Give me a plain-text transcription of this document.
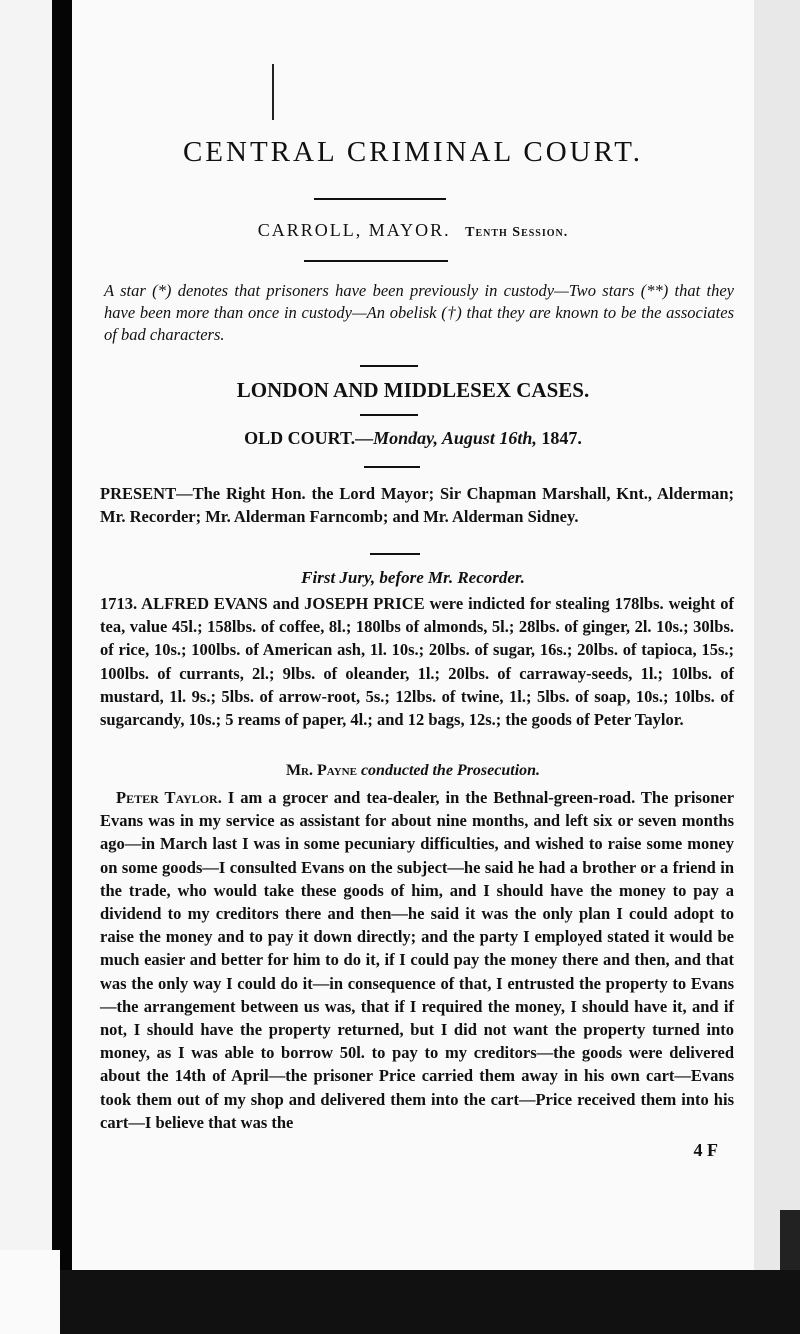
CENTRAL CRIMINAL COURT.
CARROLL, MAYOR. Tenth Session.
A star (*) denotes that prisoners have been previously in custody—Two stars (**) that they have been more than once in custody—An obelisk (†) that they are known to be the associates of bad characters.
LONDON AND MIDDLESEX CASES.
OLD COURT.—Monday, August 16th, 1847.
PRESENT—The Right Hon. the Lord Mayor; Sir Chapman Marshall, Knt., Alderman; Mr. Recorder; Mr. Alderman Farncomb; and Mr. Alderman Sidney.
First Jury, before Mr. Recorder.
1713. ALFRED EVANS and JOSEPH PRICE were indicted for stealing 178lbs. weight of tea, value 45l.; 158lbs. of coffee, 8l.; 180lbs of almonds, 5l.; 28lbs. of ginger, 2l. 10s.; 30lbs. of rice, 10s.; 100lbs. of American ash, 1l. 10s.; 20lbs. of sugar, 16s.; 20lbs. of tapioca, 15s.; 100lbs. of currants, 2l.; 9lbs. of oleander, 1l.; 20lbs. of carraway-seeds, 1l.; 10lbs. of mustard, 1l. 9s.; 5lbs. of arrow-root, 5s.; 12lbs. of twine, 1l.; 5lbs. of soap, 10s.; 10lbs. of sugarcandy, 10s.; 5 reams of paper, 4l.; and 12 bags, 12s.; the goods of Peter Taylor.
Mr. Payne conducted the Prosecution.
Peter Taylor. I am a grocer and tea-dealer, in the Bethnal-green-road. The prisoner Evans was in my service as assistant for about nine months, and left six or seven months ago—in March last I was in some pecuniary difficulties, and wished to raise some money on some goods—I consulted Evans on the subject—he said he had a brother or a friend in the trade, who would take these goods of him, and I should have the money to pay a dividend to my creditors there and then—he said it was the only plan I could adopt to raise the money and to pay it down directly; and the party I employed stated it would be much easier and better for him to do it, if I could pay the money there and then, and that was the only way I could do it—in consequence of that, I entrusted the property to Evans—the arrangement between us was, that if I required the money, I should have it, and if not, I should have the property returned, but I did not want the property turned into money, as I was able to borrow 50l. to pay to my creditors—the goods were delivered about the 14th of April—the prisoner Price carried them away in his own cart—Evans took them out of my shop and delivered them into the cart—Price received them into his cart—I believe that was the
4 F
